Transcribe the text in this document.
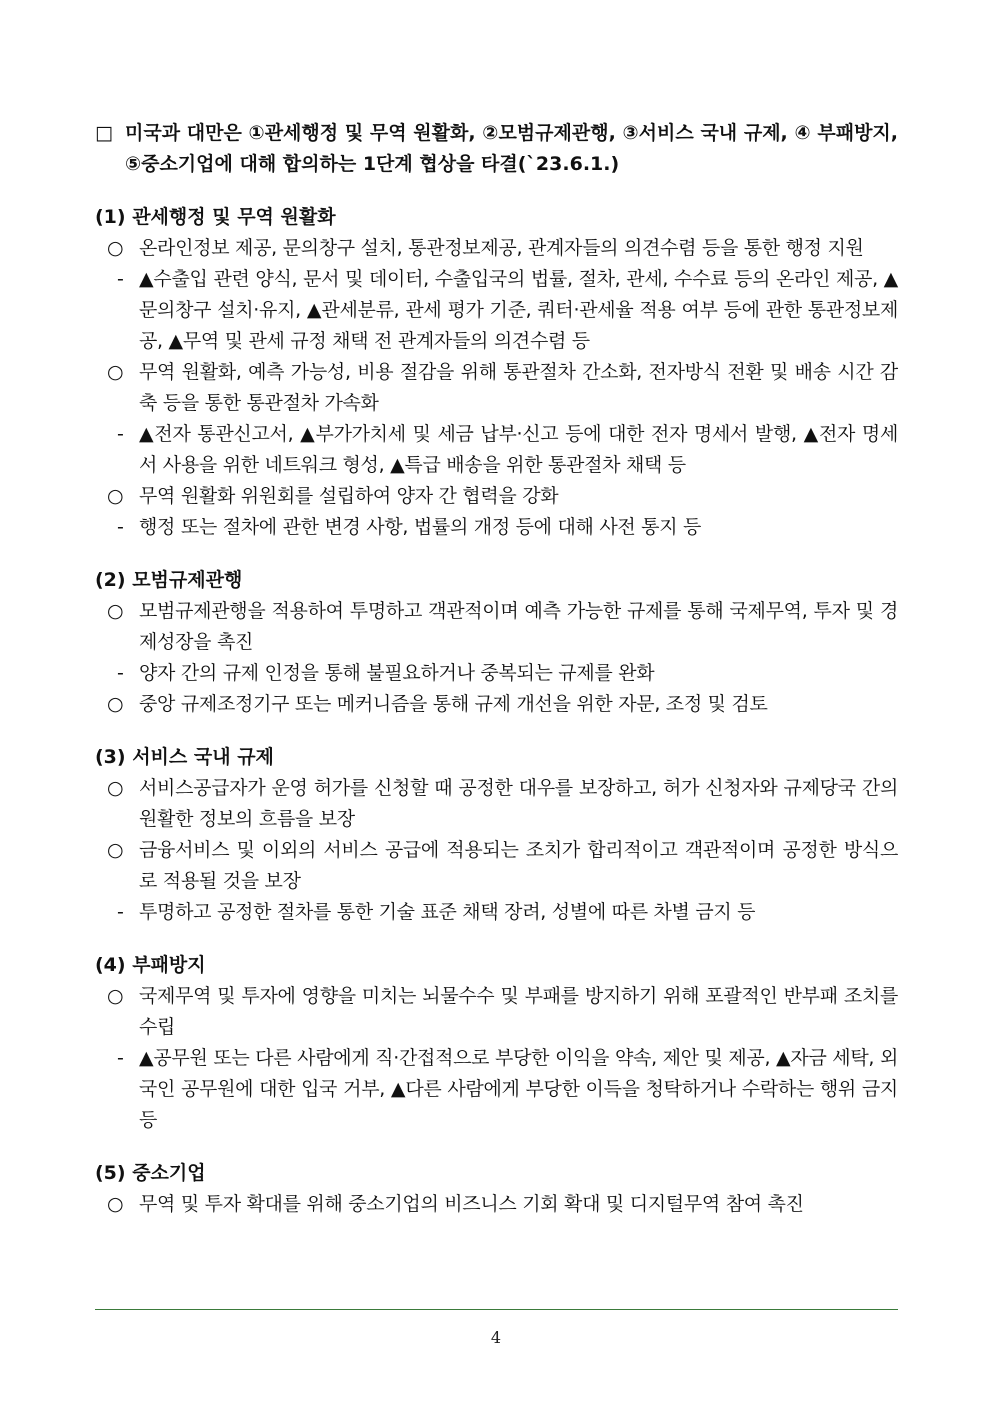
□ 미국과 대만은 ①관세행정 및 무역 원활화, ②모범규제관행, ③서비스 국내 규제, ④ 부패방지, ⑤중소기업에 대해 합의하는 1단계 협상을 타결(`23.6.1.)
(1) 관세행정 및 무역 원활화
○ 온라인정보 제공, 문의창구 설치, 통관정보제공, 관계자들의 의견수렴 등을 통한 행정 지원
- ▲수출입 관련 양식, 문서 및 데이터, 수출입국의 법률, 절차, 관세, 수수료 등의 온라인 제공, ▲문의창구 설치·유지, ▲관세분류, 관세 평가 기준, 쿼터·관세율 적용 여부 등에 관한 통관정보제공, ▲무역 및 관세 규정 채택 전 관계자들의 의견수렴 등
○ 무역 원활화, 예측 가능성, 비용 절감을 위해 통관절차 간소화, 전자방식 전환 및 배송 시간 감축 등을 통한 통관절차 가속화
- ▲전자 통관신고서, ▲부가가치세 및 세금 납부·신고 등에 대한 전자 명세서 발행, ▲전자 명세서 사용을 위한 네트워크 형성, ▲특급 배송을 위한 통관절차 채택 등
○ 무역 원활화 위원회를 설립하여 양자 간 협력을 강화
- 행정 또는 절차에 관한 변경 사항, 법률의 개정 등에 대해 사전 통지 등
(2) 모범규제관행
○ 모범규제관행을 적용하여 투명하고 객관적이며 예측 가능한 규제를 통해 국제무역, 투자 및 경제성장을 촉진
- 양자 간의 규제 인정을 통해 불필요하거나 중복되는 규제를 완화
○ 중앙 규제조정기구 또는 메커니즘을 통해 규제 개선을 위한 자문, 조정 및 검토
(3) 서비스 국내 규제
○ 서비스공급자가 운영 허가를 신청할 때 공정한 대우를 보장하고, 허가 신청자와 규제당국 간의 원활한 정보의 흐름을 보장
○ 금융서비스 및 이외의 서비스 공급에 적용되는 조치가 합리적이고 객관적이며 공정한 방식으로 적용될 것을 보장
- 투명하고 공정한 절차를 통한 기술 표준 채택 장려, 성별에 따른 차별 금지 등
(4) 부패방지
○ 국제무역 및 투자에 영향을 미치는 뇌물수수 및 부패를 방지하기 위해 포괄적인 반부패 조치를 수립
- ▲공무원 또는 다른 사람에게 직·간접적으로 부당한 이익을 약속, 제안 및 제공, ▲자금 세탁, 외국인 공무원에 대한 입국 거부, ▲다른 사람에게 부당한 이득을 청탁하거나 수락하는 행위 금지 등
(5) 중소기업
○ 무역 및 투자 확대를 위해 중소기업의 비즈니스 기회 확대 및 디지털무역 참여 촉진
4
